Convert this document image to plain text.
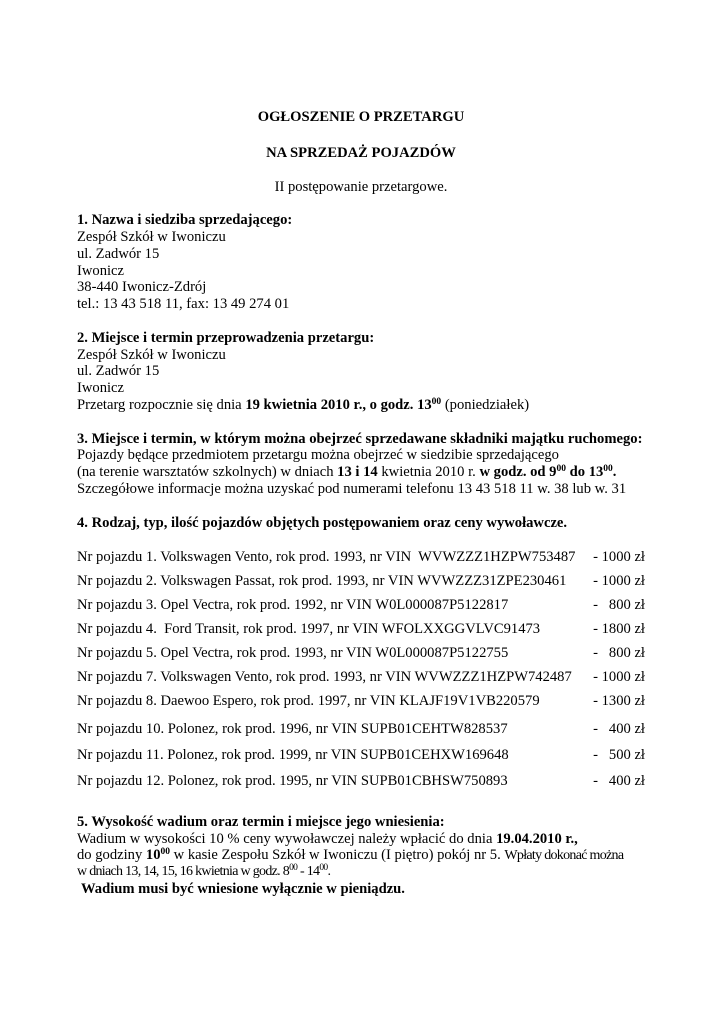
OGŁOSZENIE O PRZETARGU
NA SPRZEDAŻ POJAZDÓW
II postępowanie przetargowe.
1. Nazwa i siedziba sprzedającego:
Zespół Szkół w Iwoniczu
ul. Zadwór 15
Iwonicz
38-440 Iwonicz-Zdrój
tel.: 13 43 518 11, fax: 13 49 274 01
2. Miejsce i termin przeprowadzenia przetargu:
Zespół Szkół w Iwoniczu
ul. Zadwór 15
Iwonicz
Przetarg rozpocznie się dnia 19 kwietnia 2010 r., o godz. $13^{00}$ (poniedziałek)
3. Miejsce i termin, w którym można obejrzeć sprzedawane składniki majątku ruchomego:
Pojazdy będące przedmiotem przetargu można obejrzeć w siedzibie sprzedającego
(na terenie warsztatów szkolnych) w dniach 13 i 14 kwietnia 2010 r. w godz. od $9^{00}$ do $13^{00}$.
Szczegółowe informacje można uzyskać pod numerami telefonu 13 43 518 11 w. 38 lub w. 31
4. Rodzaj, typ, ilość pojazdów objętych postępowaniem oraz ceny wywoławcze.
Nr pojazdu 1. Volkswagen Vento, rok prod. 1993, nr VIN  WVWZZZ1HZPW753487 - 1000 zł
Nr pojazdu 2. Volkswagen Passat, rok prod. 1993, nr VIN WVWZZZ31ZPE230461 - 1000 zł
Nr pojazdu 3. Opel Vectra, rok prod. 1992, nr VIN W0L000087P5122817	-   800 zł
Nr pojazdu 4.  Ford Transit, rok prod. 1997, nr VIN WFOLXXGGVLVC91473	- 1800 zł
Nr pojazdu 5. Opel Vectra, rok prod. 1993, nr VIN W0L000087P5122755	-   800 zł
Nr pojazdu 7. Volkswagen Vento, rok prod. 1993, nr VIN WVWZZZ1HZPW742487 - 1000 zł
Nr pojazdu 8. Daewoo Espero, rok prod. 1997, nr VIN KLAJF19V1VB220579	- 1300 zł
Nr pojazdu 10. Polonez, rok prod. 1996, nr VIN SUPB01CEHTW828537	-   400 zł
Nr pojazdu 11. Polonez, rok prod. 1999, nr VIN SUPB01CEHXW169648	-   500 zł
Nr pojazdu 12. Polonez, rok prod. 1995, nr VIN SUPB01CBHSW750893	-   400 zł
5. Wysokość wadium oraz termin i miejsce jego wniesienia:
Wadium w wysokości 10 % ceny wywoławczej należy wpłacić do dnia 19.04.2010 r.,
do godziny $10^{00}$ w kasie Zespołu Szkół w Iwoniczu (I piętro) pokój nr 5. Wpłaty dokonać można
w dniach 13, 14, 15, 16 kwietnia w godz. $8^{00} - 14^{00}$.
Wadium musi być wniesione wyłącznie w pieniądzu.
